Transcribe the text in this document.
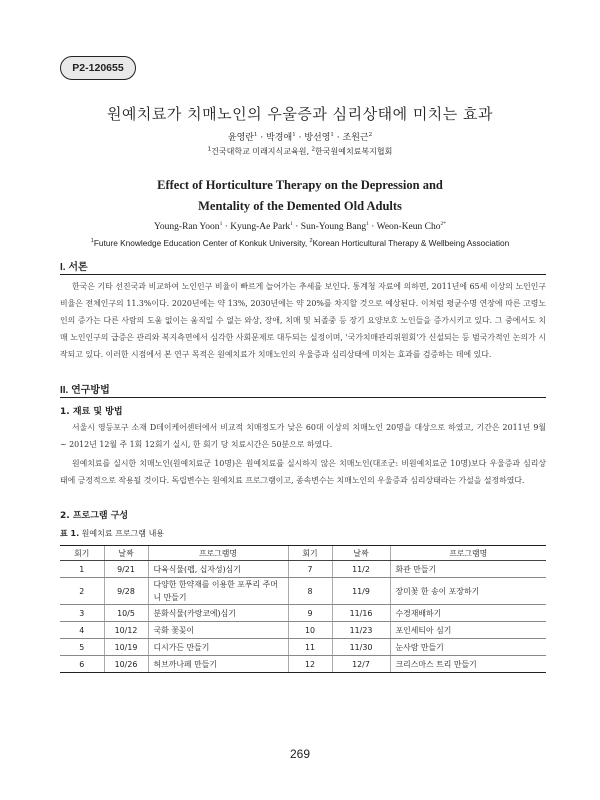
P2-120655
원예치료가 치매노인의 우울증과 심리상태에 미치는 효과
윤영란$^1$ · 박경애$^1$ · 방선영$^1$ · 조원근$^2$
$^1$건국대학교 미래지식교육원, $^2$한국원예치료복지협회
Effect of Horticulture Therapy on the Depression and
Mentality of the Demented Old Adults
Young-Ran Yoon$^1$ · Kyung-Ae Park$^1$ · Sun-Young Bang$^1$ · Weon-Keun Cho$^{2*}$
$^1$Future Knowledge Education Center of Konkuk University, $^2$Korean Horticultural Therapy & Wellbeing Association
I. 서론

한국은 기타 선진국과 비교하여 노인인구 비율이 빠르게 늘어가는 추세를 보인다. 통계청 자료에 의하면, 2011년에 65세 이상의 노인인구 비율은 전체인구의 11.3%이다. 2020년에는 약 13%, 2030년에는 약 20%를 차지할 것으로 예상된다. 이처럼 평균수명 연장에 따른 고령노인의 증가는 다른 사람의 도움 없이는 움직일 수 없는 와상, 장애, 치매 및 뇌졸중 등 장기 요양보호 노인들을 증가시키고 있다. 그 중에서도 치매 노인인구의 급증은 관리와 복지측면에서 심각한 사회문제로 대두되는 실정이며, '국가치매관리위원회'가 신설되는 등 범국가적인 논의가 시작되고 있다. 이러한 시점에서 본 연구 목적은 원예치료가 치매노인의 우울증과 심리상태에 미치는 효과를 검증하는 데에 있다.

II. 연구방법
1. 재료 및 방법

서울시 영등포구 소재 D데이케어센터에서 비교적 치매정도가 낮은 60대 이상의 치매노인 20명을 대상으로 하였고, 기간은 2011년 9월 ~ 2012년 12월 주 1회 12회기 실시, 한 회기 당 치료시간은 50분으로 하였다.

원예치료를 실시한 치매노인(원예치료군 10명)은 원예치료를 실시하지 않은 치매노인(대조군: 비원예치료군 10명)보다 우울증과 심리상태에 긍정적으로 작용될 것이다. 독립변수는 원예치료 프로그램이고, 종속변수는 치매노인의 우울증과 심리상태라는 가설을 설정하였다.

2. 프로그램 구성
표 1. 원예치료 프로그램 내용
회기	날짜	프로그램명	회기	날짜	프로그램명
1	9/21	다육식물(펩, 십자성)심기	7	11/2	화관 만들기
2	9/28	다양한 한약재를 이용한 포푸리 주머니 만들기	8	11/9	장미꽃 한 송이 포장하기
3	10/5	분화식물(카랑코에)심기	9	11/16	수경재배하기
4	10/12	국화 꽃꽂이	10	11/23	포인세티아 심기
5	10/19	디시가든 만들기	11	11/30	눈사람 만들기
6	10/26	허브까나페 만들기	12	12/7	크리스마스 트리 만들기
269
